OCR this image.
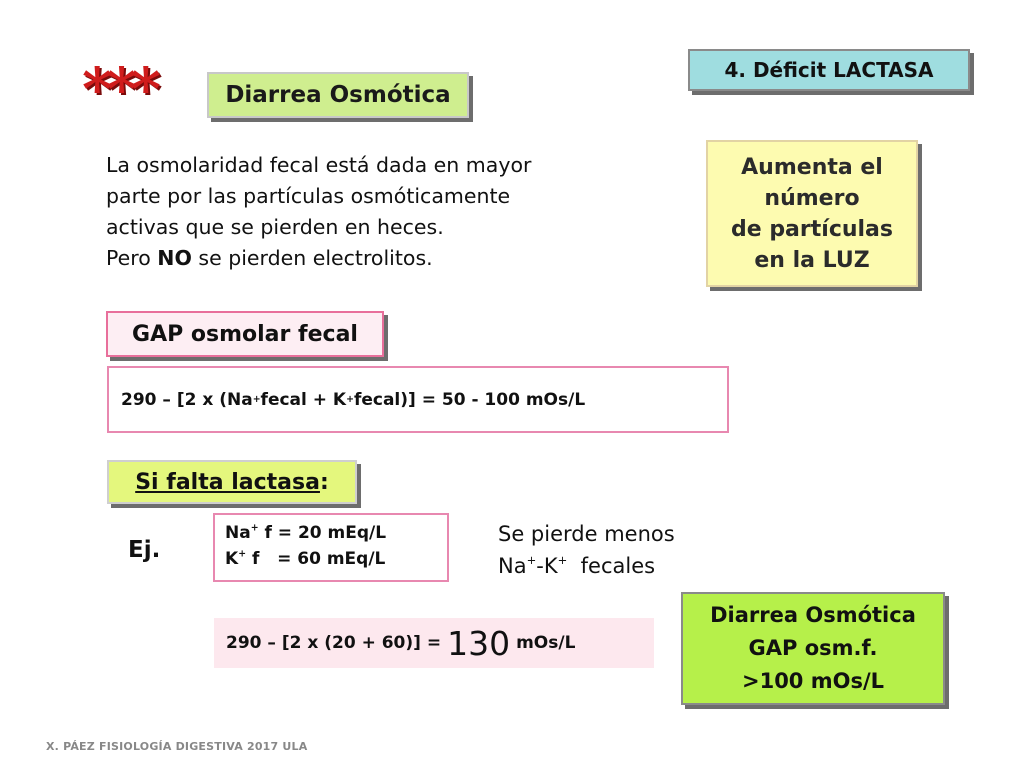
***	Diarrea Osmótica
4. Déficit LACTASA

La osmolaridad fecal está dada en mayor

parte por las partículas osmóticamente

activas que se pierden en heces.

Pero NO se pierden electrolitos.

Aumenta el
número
de partículas
en la LUZ
GAP osmolar fecal
290 – [2 x (Na + fecal + K + fecal)] = 50 - 100 mOs/L
Si falta lactasa :
Ej.
Na+ f = 20 mEq/L
K+ f   = 60 mEq/L

Se pierde menos

Na+-K+  fecales

290 – [2 x (20 + 60)] = 130 mOs/L
Diarrea Osmótica
GAP osm.f.
>100 mOs/L
X. PÁEZ FISIOLOGÍA DIGESTIVA 2017 ULA
